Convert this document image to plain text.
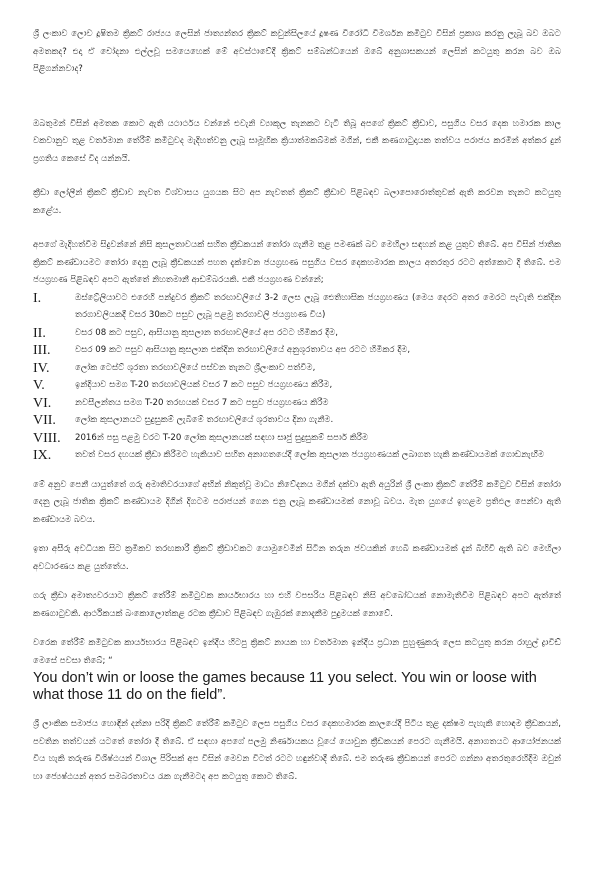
ශ්‍රී ලංකාව ලොව දූෂිතම ක්‍රිකට් රාජ්‍යය ලෙසින් ජාත්‍යන්තර ක්‍රිකට් කවුන්සිලයේ දූෂණ විරෝධී විමර්ශන කමිටුව විසින් ප්‍රකාශ කරනු ලැබූ බව ඔබට අමතකද? එදා ඒ චෝදනා එල්ලවූ සමයෙහෙක් මේ අවස්ථාවේදී ක්‍රිකට් සම්බන්ධයෙන් ඔබේ අනුශාසකයන් ලෙසින් කටයුතු කරන බව ඔබ පිළිගන්නවාද?

ඔබතුමන් විසින් අමතක කොට ඇති යථාර්ථය වන්නේ එවැනි ව්‍යාකූල තැනකට වැටී තිබූ අපගේ ක්‍රිකට් ක්‍රීඩාව, පසුගිය වසර දෙක හමාරක කාල වකවානුව තුළ වර්තමාන තේරීම් කමිටුවද මැදිහත්වනු ලැබූ සාමූහික ක්‍රියාත්මකබ්මක් මගින්, එකී කණගාටුදායක තත්වය පරාජය කරමින් අත්කර දුන් ප්‍රගතිය කෙසේ විද යන්නයි.

ක්‍රීඩා ලෝලීන් ක්‍රිකට් ක්‍රීඩාව නැවත විශ්වාසය යුගයක සිට අප නැවතත් ක්‍රිකට් ක්‍රීඩාව පිළිබඳව බලාපොරොත්තුවක් ඇති කරවන තැනට කටයුතු කළේය.

අපගේ මැදිහත්වීම සිදුවන්නේ නිසි කුසලතාවයක් සහිත ක්‍රීඩකයන් තෝරා ගැනීම තුළ පමණක් බව මෙහිලා සඳහන් කළ යුතුව තිබේ. අප විසින් ජාතික ක්‍රිකට් කණ්ඩායමට තෝරා දෙනු ලැබූ ක්‍රීඩකයන් පහත දැක්වෙන ජයග්‍රහණ පසුගිය වසර දෙකහමාරක කාලය අතරතුර රටට අත්කොට දී තිබේ. එම ජයග්‍රහණ පිළිබඳව අපට ඇත්තේ නිහතමානී ආඩම්බරයකි. එකී ජයග්‍රහණ වන්නේ;

I.	ඔස්ට්‍රේලියාවට එරෙහි පන්දුවර ක්‍රිකට් තරඟාවලියේ 3-2 ලෙස ලැබූ ඓතිහාසික ජයග්‍රහණය (මෙය දෙරට අතර මෙරට පැවැති එක්දින තරගාවලියකදී වසර 30කට පසුව ලැබූ පළමු තරගාවලි ජයග්‍රහණ විය)
II.	වසර 08 කට පසුව, ආසියානු කුසලාන තරඟාවලියේ අප රටට හිමිකර දීම,
III.	වසර 09 කට පසුව ආසියානු කුසලාන එක්දින තරඟාවලියේ අනුශූරතාවය අප රටට හිමිකර දීම,
IV.	ලෝක ටෙස්ට් ශූරතා තරඟාවලියේ පස්වන තැනට ශ්‍රීලංකාව පත්වීම,
V.	ඉන්දියාව සමග T-20 තරඟාවලියක් වසර 7 කට පසුව ජයග්‍රහණය කිරීම,
VI.	නවසීලන්තය සමග T-20 තරඟයක් වසර 7 කට පසුව ජයග්‍රහණය කිරීම
VII.	ලෝක කුසලානයට සුදුසුකම් ලැබීමේ තරඟාවලියේ ශූරතාවය දිනා ගැනීම.
VIII.	2016න් පසු පළමු වරට T-20 ලෝක කුසලානයක් සඳහා සෘජු සුදුසුකම් සපාර් කිරීම
IX.	තවත් වසර දහයක් ක්‍රීඩා කිරීමට හැකියාව සහිත අනාගතයේදී ලෝක කුසලාන ජයග්‍රහණයක් ලබාගත හැකි කණ්ඩායමක් ගොඩනැඟීම

මේ අනුව පෙනී යායුත්තේ ගරු අමාතිවරයාගේ අභින් නිකුත්වූ මාධ්‍ය නිවේදනය මගින් දක්වා ඇති අයුරින් ශ්‍රී ලංකා ක්‍රිකට් තේරීම් කමිටුව විසින් තෝරා දෙනු ලැබූ ජාතික ක්‍රිකට් කණ්ඩායම දිගින් දිගටම පරාජයන් ගෙන එනු ලැබූ කණ්ඩායමක් නොවූ බවය. මැත යුගයේ ඉහළම ප්‍රතිඵල පෙන්වා ඇති කණ්ඩායම බවය.

ඉතා අසීරු අවධියක සිට ක්‍රමිකව තරඟකාරී ක්‍රිකට් ක්‍රීඩාවකට යොමුවෙමින් සිටින තරුන ජවයකින් හෙබි කණ්ඩායමක් දැන් බිහිවී ඇති බව මෙහිලා අවධාරණය කළ යුත්තේය.

ගරු ක්‍රීඩා අමාත්‍යවරයාට ක්‍රිකට් තේරීම් කමිටුවක කාර්යභාරය හා එහි වපසරිය පිළිබඳව නිසි අවබෝධයක් නොමැතිවීම පිළිබඳව අපට ඇත්තේ කණගාටුවකි. ආර්ථිකයක් බංකොලොත්කළ රටක ක්‍රීඩාව පිළිබඳව ගැඹුරක් නොදැකීම පුදුමයක් නොවේ.

වරෙක තේරීම් කමිටුවක කාර්යභාරය පිළිබඳව ඉන්දීය හිටපු ක්‍රිකට් නායක හා වර්තමාන ඉන්දීය ප්‍රධාන පුහුණුකරු ලෙස කටයුතු කරන රාහුල් ද්‍රාවිඩ් මෙසේ පවසා තිබේ; “

You don’t win or loose the games because 11 you select. You win or loose with what those 11 do on the field”.

ශ්‍රී ලාංකික සමාජය හොඳින් දන්නා පරිදි ක්‍රිකට් තේරීම් කමිටුව ලෙස පසුගිය වසර දෙකහමාරක කාලයේදී පිටිය තුළ දක්ෂම පැහැකි හොඳම ක්‍රීඩකයන්, පවතින තත්වයන් යටතේ තෝරා දී තිබේ. ඒ සඳහා අපගේ පලමු නිර්ණායකය වූයේ යොවුන ක්‍රීඩකයන් පෙරට ගැනීමයි. අනාගතයට ආයෝජනයක් විය හැකි තරුණ විශිෂ්ඨයන් විශාල පිරිසක් අප විසින් මෙවන විටත් රටට හඳුන්වාදී තිබේ. එම තරුණ ක්‍රීඩකයන් පෙරට ගන්නා අතරතුරෙහිදීම ඔවුන් හා ජ්‍යෙෂ්ඨයන් අතර සමබරතාවය රැක ගැනීමටද අප කටයුතු කොට තිබේ.
